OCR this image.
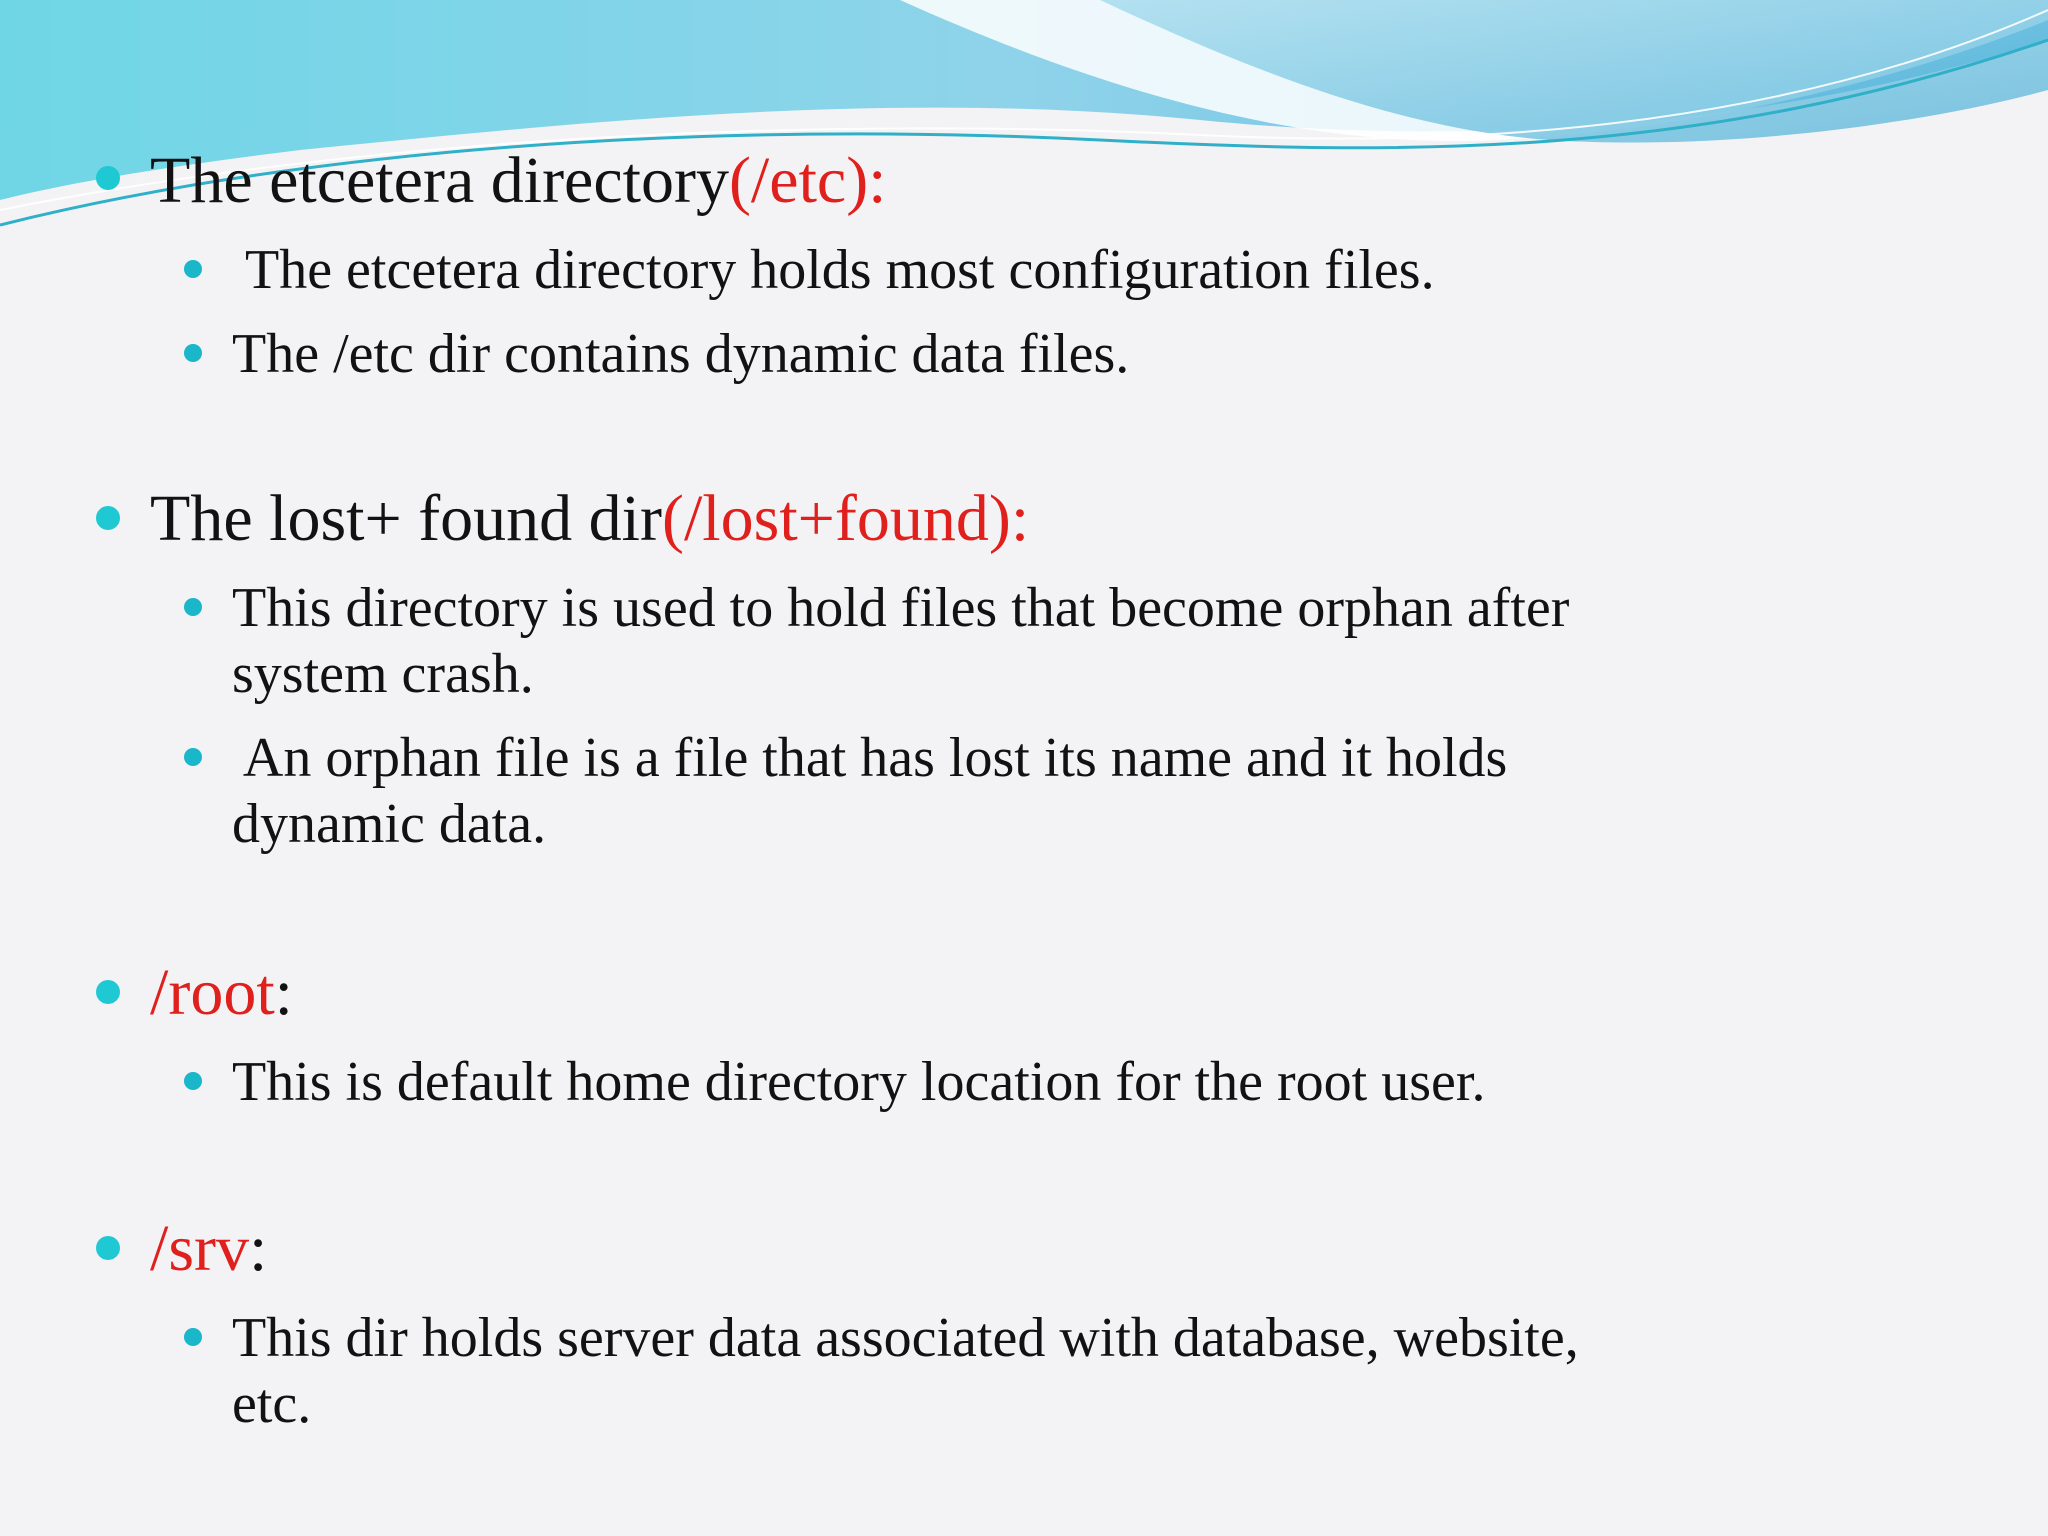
The etcetera directory(/etc):
The etcetera directory holds most configuration files.
The /etc dir contains dynamic data files.
The lost+ found dir(/lost+found):
This directory is used to hold files that become orphan after
system crash.
An orphan file is a file that has lost its name and it holds
dynamic data.
/root:
This is default home directory location for the root user.
/srv:
This dir holds server data associated with database, website,
etc.
